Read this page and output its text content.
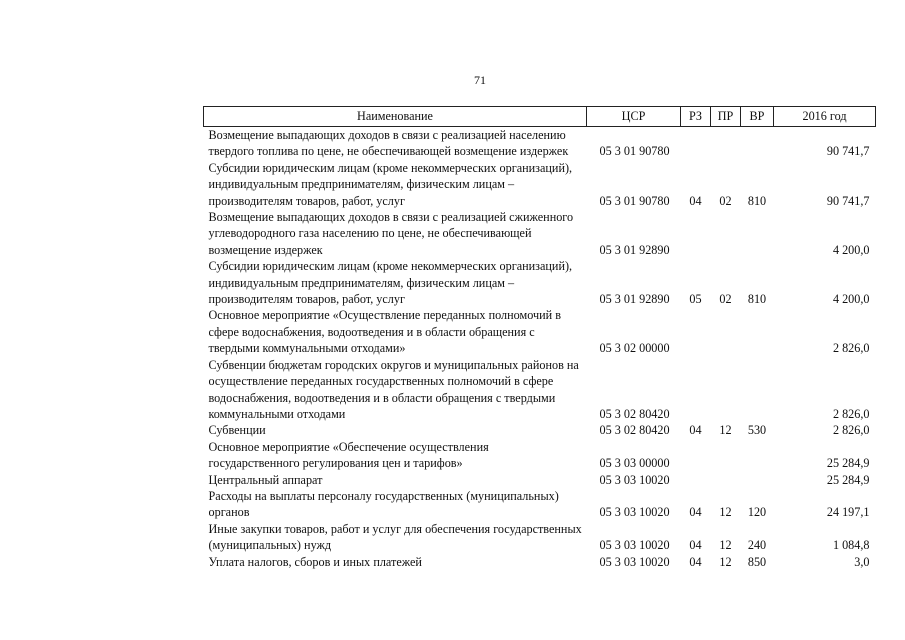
71
Наименование	ЦСР	РЗ	ПР	ВР	2016 год
Возмещение выпадающих доходов в связи с реализацией населению твердого топлива по цене, не обеспечивающей возмещение издержек	05 3 01 90780				90 741,7
Субсидии юридическим лицам (кроме некоммерческих организаций), индивидуальным предпринимателям, физическим лицам – производителям товаров, работ, услуг	05 3 01 90780	04	02	810	90 741,7
Возмещение выпадающих доходов в связи с реализацией сжиженного углеводородного газа населению по цене, не обеспечивающей возмещение издержек	05 3 01 92890				4 200,0
Субсидии юридическим лицам (кроме некоммерческих организаций), индивидуальным предпринимателям, физическим лицам – производителям товаров, работ, услуг	05 3 01 92890	05	02	810	4 200,0
Основное мероприятие «Осуществление переданных полномочий в сфере водоснабжения, водоотведения и в области обращения с твердыми коммунальными отходами»	05 3 02 00000				2 826,0
Субвенции бюджетам городских округов и муниципальных районов на осуществление переданных государственных полномочий в сфере водоснабжения, водоотведения и в области обращения с твердыми коммунальными отходами	05 3 02 80420				2 826,0
Субвенции	05 3 02 80420	04	12	530	2 826,0
Основное мероприятие «Обеспечение осуществления государственного регулирования цен и тарифов»	05 3 03 00000				25 284,9
Центральный аппарат	05 3 03 10020				25 284,9
Расходы на выплаты персоналу государственных (муниципальных) органов	05 3 03 10020	04	12	120	24 197,1
Иные закупки товаров, работ и услуг для обеспечения государственных (муниципальных) нужд	05 3 03 10020	04	12	240	1 084,8
Уплата налогов, сборов и иных платежей	05 3 03 10020	04	12	850	3,0
